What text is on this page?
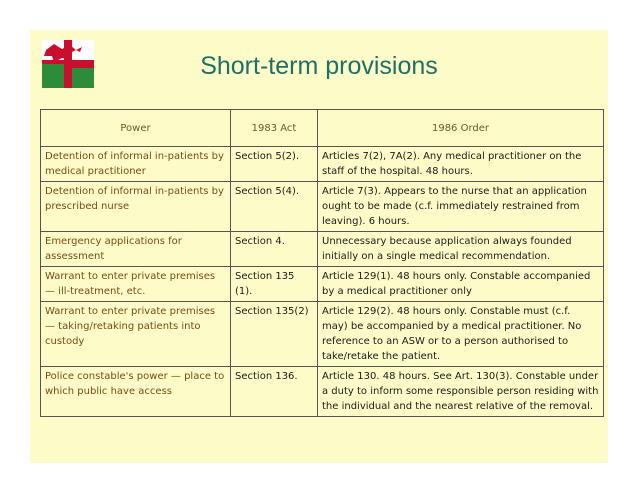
Short-term provisions
Power	1983 Act	1986 Order
Detention of informal in-patients by medical practitioner	Section 5(2).	Articles 7(2), 7A(2). Any medical practitioner on the staff of the hospital. 48 hours.
Detention of informal in-patients by prescribed nurse	Section 5(4).	Article 7(3). Appears to the nurse that an application ought to be made (c.f. immediately restrained from leaving). 6 hours.
Emergency applications for assessment	Section 4.	Unnecessary because application always founded initially on a single medical recommendation.
Warrant to enter private premises — ill-treatment, etc.	Section 135 (1).	Article 129(1). 48 hours only. Constable accompanied by a medical practitioner only
Warrant to enter private premises — taking/retaking patients into custody	Section 135(2)	Article 129(2). 48 hours only. Constable must (c.f. may) be accompanied by a medical practitioner. No reference to an ASW or to a person authorised to take/retake the patient.
Police constable's power — place to which public have access	Section 136.	Article 130. 48 hours. See Art. 130(3). Constable under a duty to inform some responsible person residing with the individual and the nearest relative of the removal.
